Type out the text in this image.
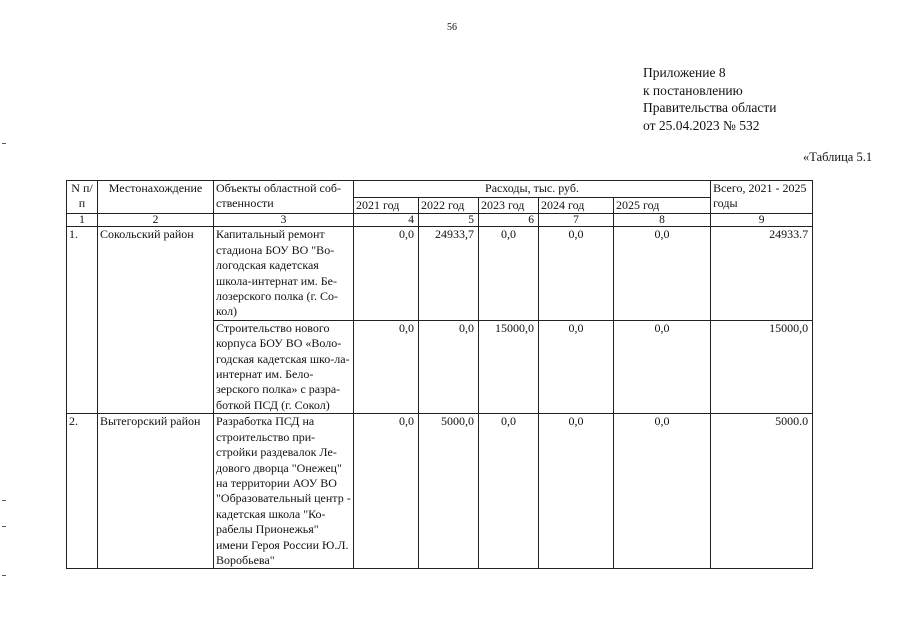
56
Приложение 8
к постановлению
Правительства области
от 25.04.2023 № 532
«Таблица 5.1
N п/п	Местонахождение	Объекты областной соб-ственности	Расходы, тыс. руб.					Всего, 2021 - 2025 годы
			2021 год	2022 год	2023 год	2024 год	2025 год	
1	2	3	4	5	6	7	8	9
1.	Сокольский район	Капитальный ремонт стадиона БОУ ВО "Во-логодская кадетская школа-интернат им. Бе-лозерского полка (г. Со-кол)	0,0	24933,7	0,0	0,0	0,0	24933.7
		Строительство нового корпуса БОУ ВО «Воло-годская кадетская шко-ла-интернат им. Бело-зерского полка» с разра-боткой ПСД (г. Сокол)	0,0	0,0	15000,0	0,0	0,0	15000,0
2.	Вытегорский район	Разработка ПСД на строительство при-стройки раздевалок Ле-дового дворца "Онежец" на территории АОУ ВО "Образовательный центр - кадетская школа "Ко-рабелы Прионежья" имени Героя России Ю.Л. Воробьева"	0,0	5000,0	0,0	0,0	0,0	5000.0
